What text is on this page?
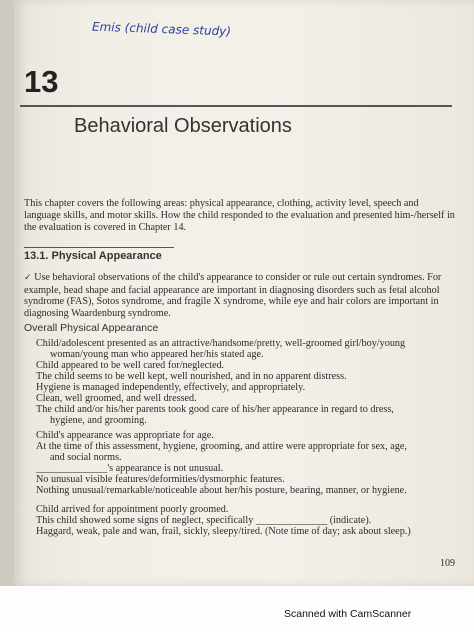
Emis (child case study)
13
Behavioral Observations
This chapter covers the following areas: physical appearance, clothing, activity level, speech and language skills, and motor skills. How the child responded to the evaluation and presented him-/herself in the evaluation is covered in Chapter 14.
13.1. Physical Appearance
✓ Use behavioral observations of the child's appearance to consider or rule out certain syndromes. For example, head shape and facial appearance are important in diagnosing disorders such as fetal alcohol syndrome (FAS), Sotos syndrome, and fragile X syndrome, while eye and hair colors are important in diagnosing Waardenburg syndrome.
Overall Physical Appearance
Child/adolescent presented as an attractive/handsome/pretty, well-groomed girl/boy/young
woman/young man who appeared her/his stated age.
Child appeared to be well cared for/neglected.
The child seems to be well kept, well nourished, and in no apparent distress.
Hygiene is managed independently, effectively, and appropriately.
Clean, well groomed, and well dressed.
The child and/or his/her parents took good care of his/her appearance in regard to dress,
hygiene, and grooming.
Child's appearance was appropriate for age.
At the time of this assessment, hygiene, grooming, and attire were appropriate for sex, age,
and social norms.
______________'s appearance is not unusual.
No unusual visible features/deformities/dysmorphic features.
Nothing unusual/remarkable/noticeable about her/his posture, bearing, manner, or hygiene.
Child arrived for appointment poorly groomed.
This child showed some signs of neglect, specifically ______________ (indicate).
Haggard, weak, pale and wan, frail, sickly, sleepy/tired. (Note time of day; ask about sleep.)
109
Scanned with CamScanner
